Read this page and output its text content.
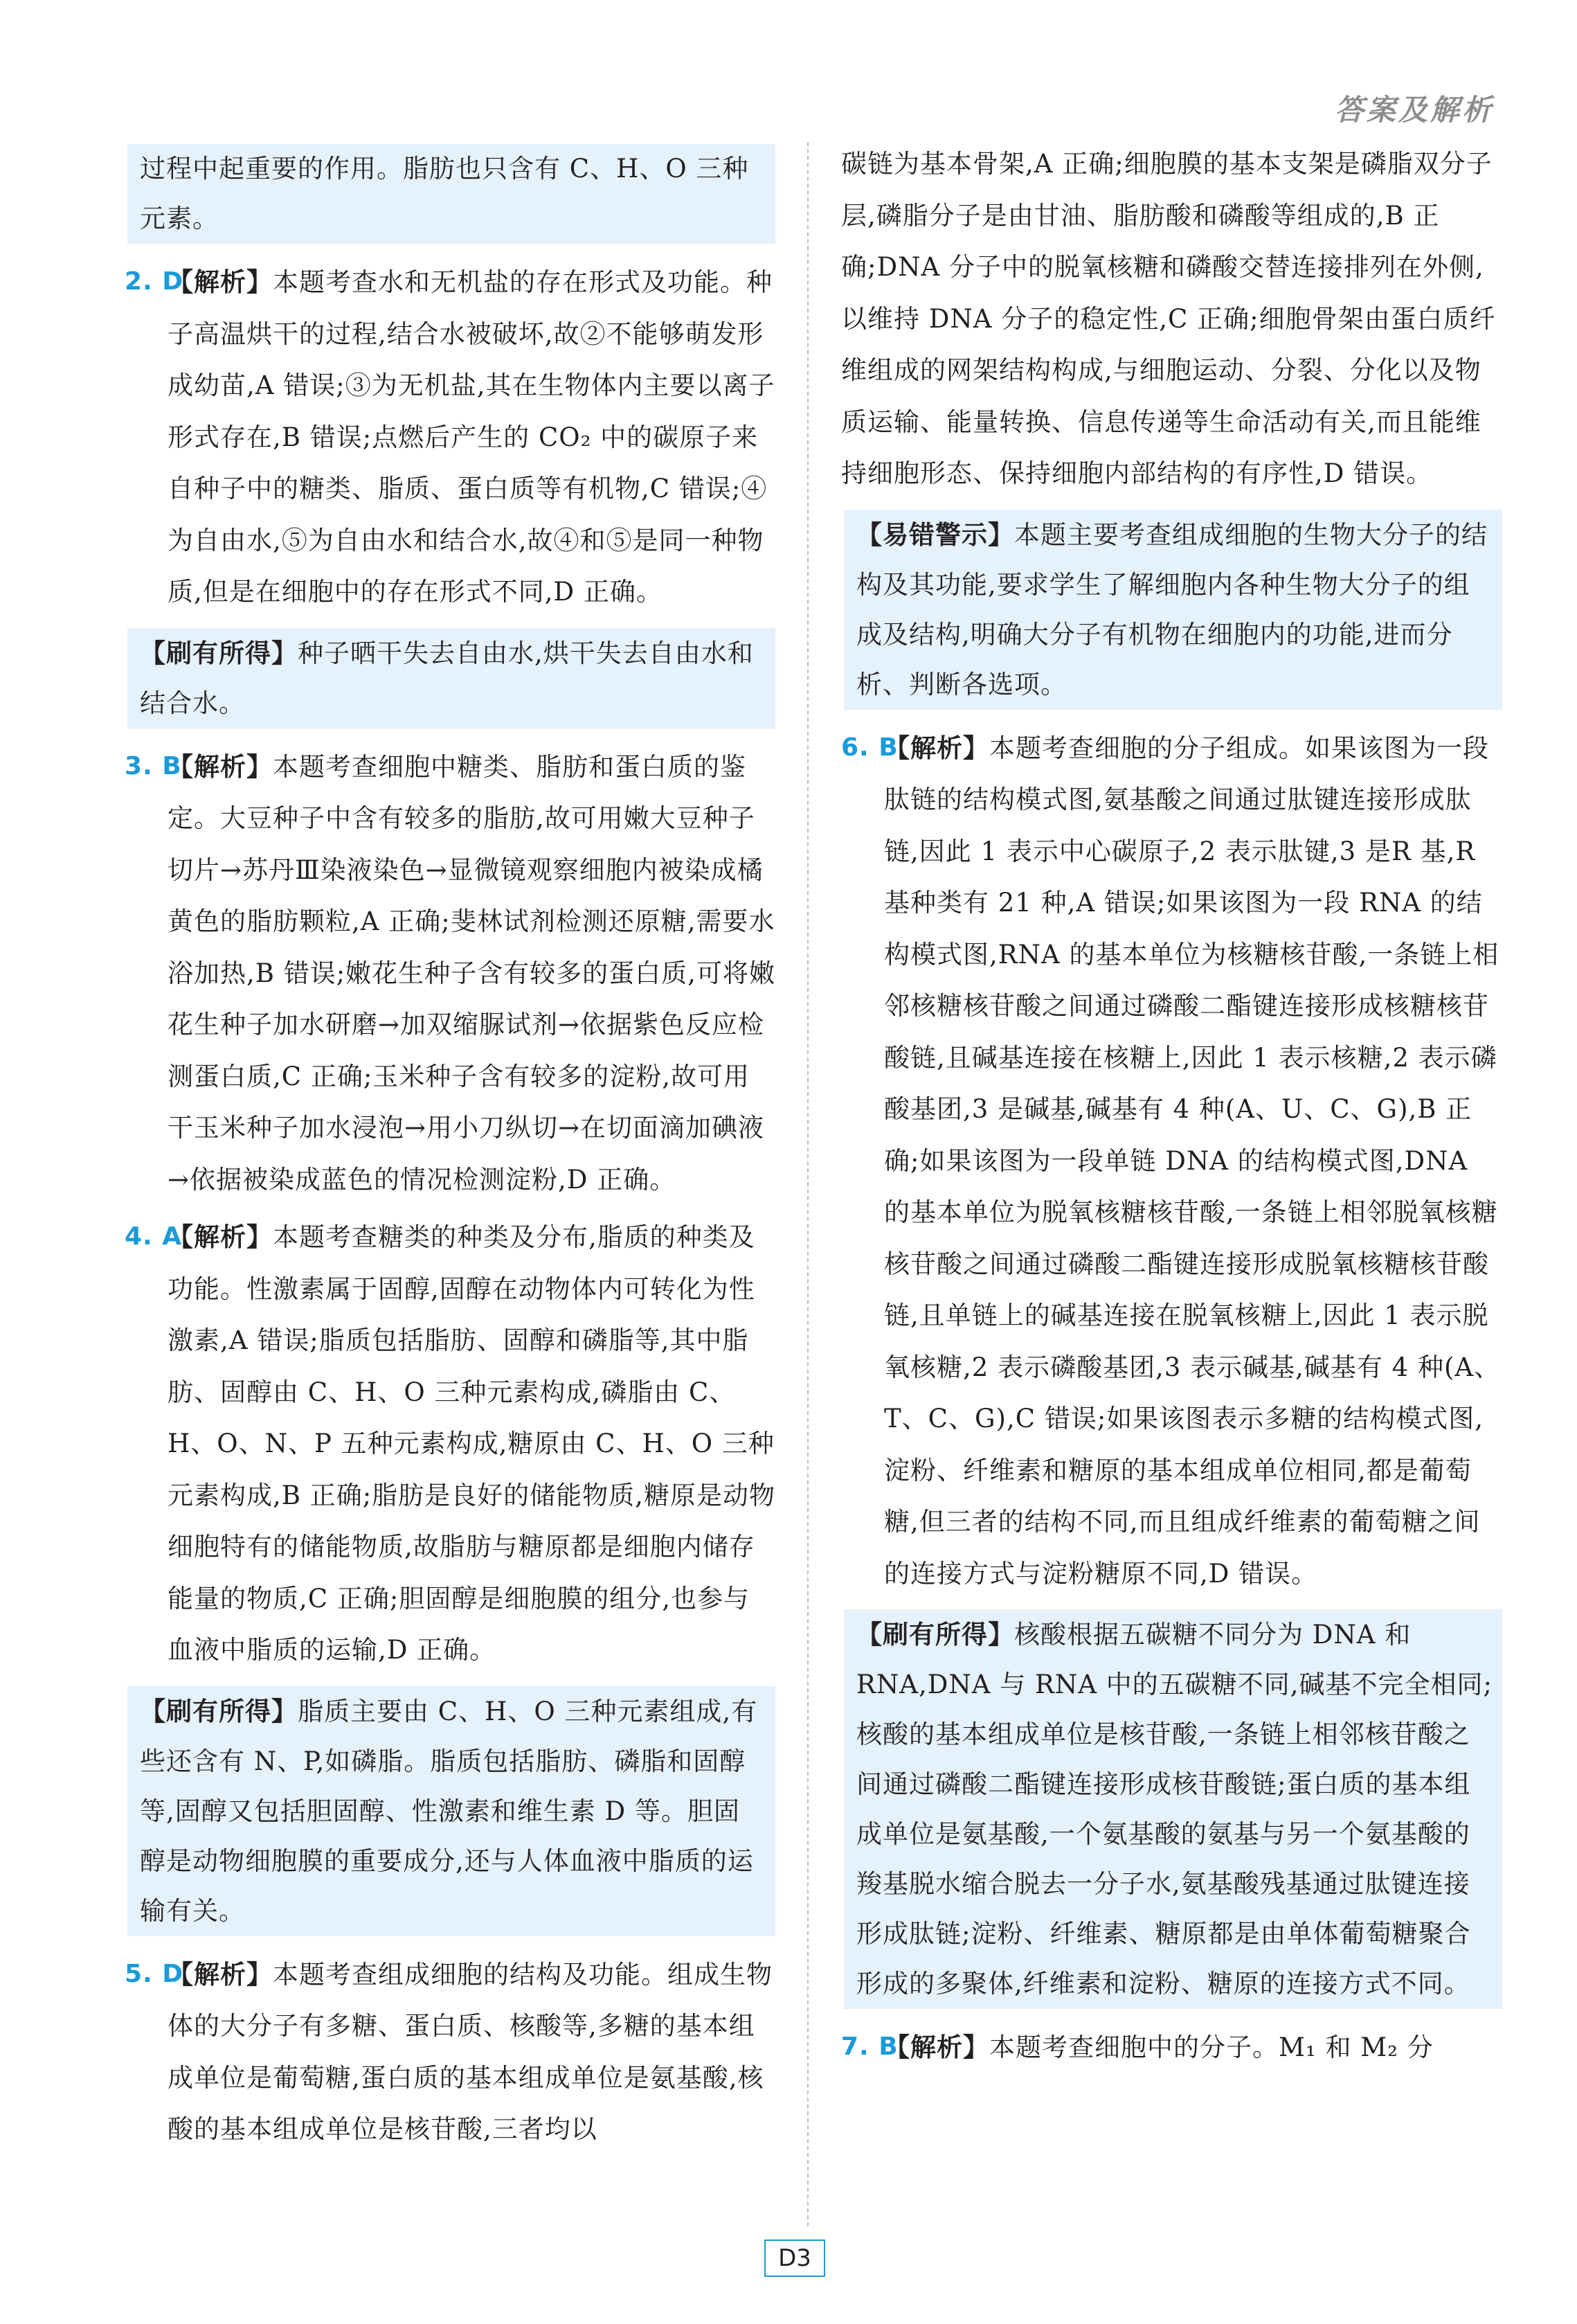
答案及解析
过程中起重要的作用。脂肪也只含有 C、H、O 三种元素。
2. D
【解析】本题考查水和无机盐的存在形式及功能。种子高温烘干的过程,结合水被破坏,故②不能够萌发形成幼苗,A 错误;③为无机盐,其在生物体内主要以离子形式存在,B 错误;点燃后产生的 CO₂ 中的碳原子来自种子中的糖类、脂质、蛋白质等有机物,C 错误;④为自由水,⑤为自由水和结合水,故④和⑤是同一种物质,但是在细胞中的存在形式不同,D 正确。
【刷有所得】种子晒干失去自由水,烘干失去自由水和结合水。
3. B
【解析】本题考查细胞中糖类、脂肪和蛋白质的鉴定。大豆种子中含有较多的脂肪,故可用嫩大豆种子切片→苏丹Ⅲ染液染色→显微镜观察细胞内被染成橘黄色的脂肪颗粒,A 正确;斐林试剂检测还原糖,需要水浴加热,B 错误;嫩花生种子含有较多的蛋白质,可将嫩花生种子加水研磨→加双缩脲试剂→依据紫色反应检测蛋白质,C 正确;玉米种子含有较多的淀粉,故可用干玉米种子加水浸泡→用小刀纵切→在切面滴加碘液→依据被染成蓝色的情况检测淀粉,D 正确。
4. A
【解析】本题考查糖类的种类及分布,脂质的种类及功能。性激素属于固醇,固醇在动物体内可转化为性激素,A 错误;脂质包括脂肪、固醇和磷脂等,其中脂肪、固醇由 C、H、O 三种元素构成,磷脂由 C、H、O、N、P 五种元素构成,糖原由 C、H、O 三种元素构成,B 正确;脂肪是良好的储能物质,糖原是动物细胞特有的储能物质,故脂肪与糖原都是细胞内储存能量的物质,C 正确;胆固醇是细胞膜的组分,也参与血液中脂质的运输,D 正确。
【刷有所得】脂质主要由 C、H、O 三种元素组成,有些还含有 N、P,如磷脂。脂质包括脂肪、磷脂和固醇等,固醇又包括胆固醇、性激素和维生素 D 等。胆固醇是动物细胞膜的重要成分,还与人体血液中脂质的运输有关。
5. D
【解析】本题考查组成细胞的结构及功能。组成生物体的大分子有多糖、蛋白质、核酸等,多糖的基本组成单位是葡萄糖,蛋白质的基本组成单位是氨基酸,核酸的基本组成单位是核苷酸,三者均以

碳链为基本骨架,A 正确;细胞膜的基本支架是磷脂双分子层,磷脂分子是由甘油、脂肪酸和磷酸等组成的,B 正确;DNA 分子中的脱氧核糖和磷酸交替连接排列在外侧,以维持 DNA 分子的稳定性,C 正确;细胞骨架由蛋白质纤维组成的网架结构构成,与细胞运动、分裂、分化以及物质运输、能量转换、信息传递等生命活动有关,而且能维持细胞形态、保持细胞内部结构的有序性,D 错误。

【易错警示】本题主要考查组成细胞的生物大分子的结构及其功能,要求学生了解细胞内各种生物大分子的组成及结构,明确大分子有机物在细胞内的功能,进而分析、判断各选项。
6. B
【解析】本题考查细胞的分子组成。如果该图为一段肽链的结构模式图,氨基酸之间通过肽键连接形成肽链,因此 1 表示中心碳原子,2 表示肽键,3 是R 基,R 基种类有 21 种,A 错误;如果该图为一段 RNA 的结构模式图,RNA 的基本单位为核糖核苷酸,一条链上相邻核糖核苷酸之间通过磷酸二酯键连接形成核糖核苷酸链,且碱基连接在核糖上,因此 1 表示核糖,2 表示磷酸基团,3 是碱基,碱基有 4 种(A、U、C、G),B 正确;如果该图为一段单链 DNA 的结构模式图,DNA 的基本单位为脱氧核糖核苷酸,一条链上相邻脱氧核糖核苷酸之间通过磷酸二酯键连接形成脱氧核糖核苷酸链,且单链上的碱基连接在脱氧核糖上,因此 1 表示脱氧核糖,2 表示磷酸基团,3 表示碱基,碱基有 4 种(A、T、C、G),C 错误;如果该图表示多糖的结构模式图,淀粉、纤维素和糖原的基本组成单位相同,都是葡萄糖,但三者的结构不同,而且组成纤维素的葡萄糖之间的连接方式与淀粉糖原不同,D 错误。
【刷有所得】核酸根据五碳糖不同分为 DNA 和 RNA,DNA 与 RNA 中的五碳糖不同,碱基不完全相同;核酸的基本组成单位是核苷酸,一条链上相邻核苷酸之间通过磷酸二酯键连接形成核苷酸链;蛋白质的基本组成单位是氨基酸,一个氨基酸的氨基与另一个氨基酸的羧基脱水缩合脱去一分子水,氨基酸残基通过肽键连接形成肽链;淀粉、纤维素、糖原都是由单体葡萄糖聚合形成的多聚体,纤维素和淀粉、糖原的连接方式不同。
7. B
【解析】本题考查细胞中的分子。M₁ 和 M₂ 分
D3
